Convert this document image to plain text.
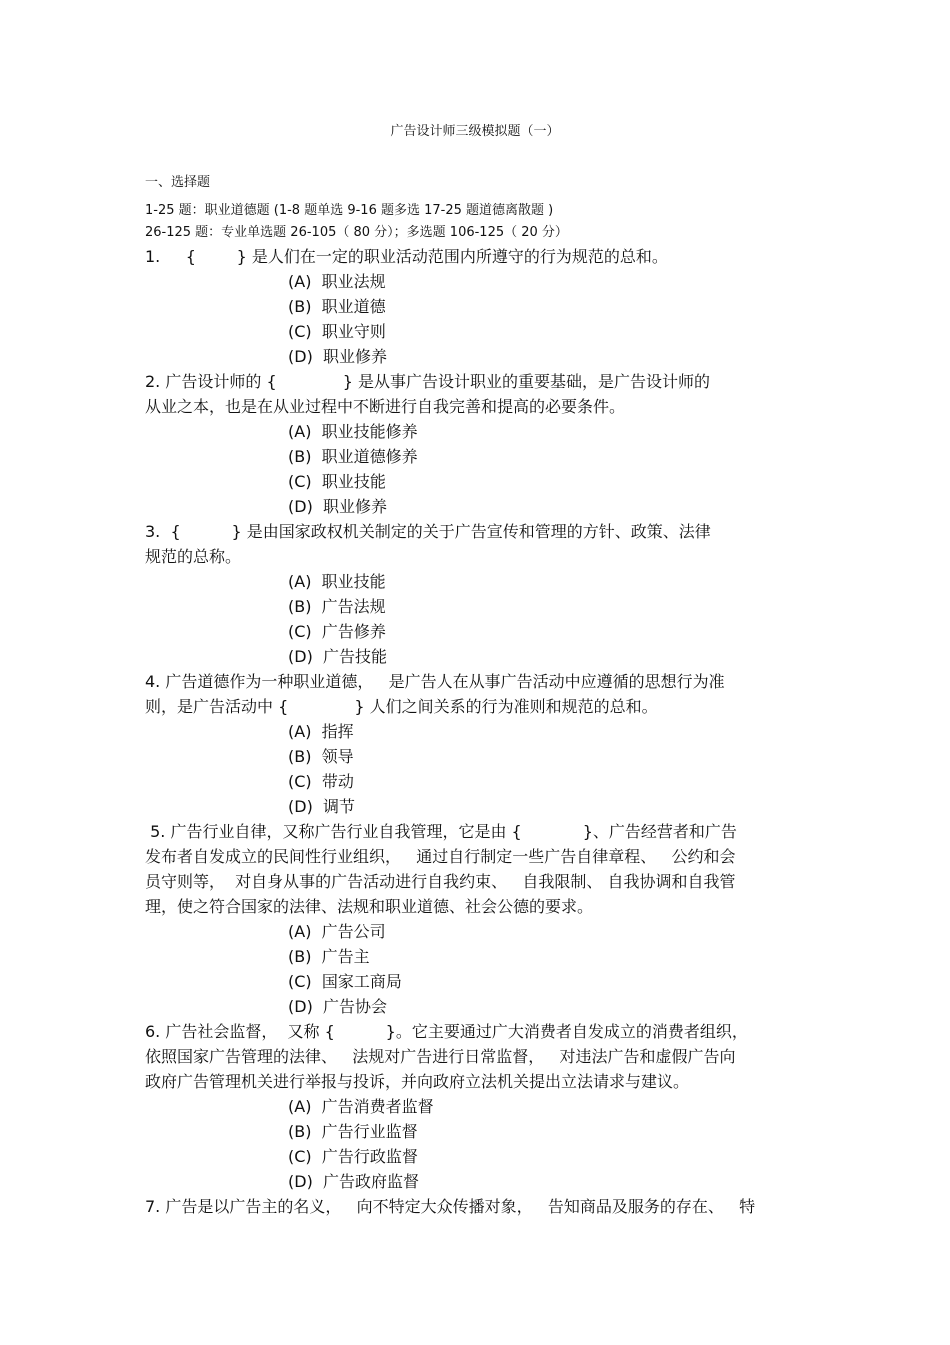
广告设计师三级模拟题（一）
一、选择题
1-25 题：职业道德题 (1-8 题单选 9-16 题多选 17-25 题道德离散题 )
26-125 题：专业单选题 26-105（ 80 分）；多选题 106-125（ 20 分）
1.     {        } 是人们在一定的职业活动范围内所遵守的行为规范的总和。
(A)  职业法规
(B)  职业道德
(C)  职业守则
(D)  职业修养
2. 广告设计师的 {             } 是从事广告设计职业的重要基础，是广告设计师的
从业之本，也是在从业过程中不断进行自我完善和提高的必要条件。
(A)  职业技能修养
(B)  职业道德修养
(C)  职业技能
(D)  职业修养
3.  {          } 是由国家政权机关制定的关于广告宣传和管理的方针、政策、法律
规范的总称。
(A)  职业技能
(B)  广告法规
(C)  广告修养
(D)  广告技能
4. 广告道德作为一种职业道德，   是广告人在从事广告活动中应遵循的思想行为准
则，是广告活动中 {             } 人们之间关系的行为准则和规范的总和。
(A)  指挥
(B)  领导
(C)  带动
(D)  调节
5. 广告行业自律，又称广告行业自我管理，它是由 {            }、广告经营者和广告
发布者自发成立的民间性行业组织，   通过自行制定一些广告自律章程、   公约和会
员守则等，  对自身从事的广告活动进行自我约束、   自我限制、 自我协调和自我管
理，使之符合国家的法律、法规和职业道德、社会公德的要求。
(A)  广告公司
(B)  广告主
(C)  国家工商局
(D)  广告协会
6. 广告社会监督，  又称 {          }。它主要通过广大消费者自发成立的消费者组织，
依照国家广告管理的法律、   法规对广告进行日常监督，   对违法广告和虚假广告向
政府广告管理机关进行举报与投诉，并向政府立法机关提出立法请求与建议。
(A)  广告消费者监督
(B)  广告行业监督
(C)  广告行政监督
(D)  广告政府监督
7. 广告是以广告主的名义，   向不特定大众传播对象，   告知商品及服务的存在、   特
